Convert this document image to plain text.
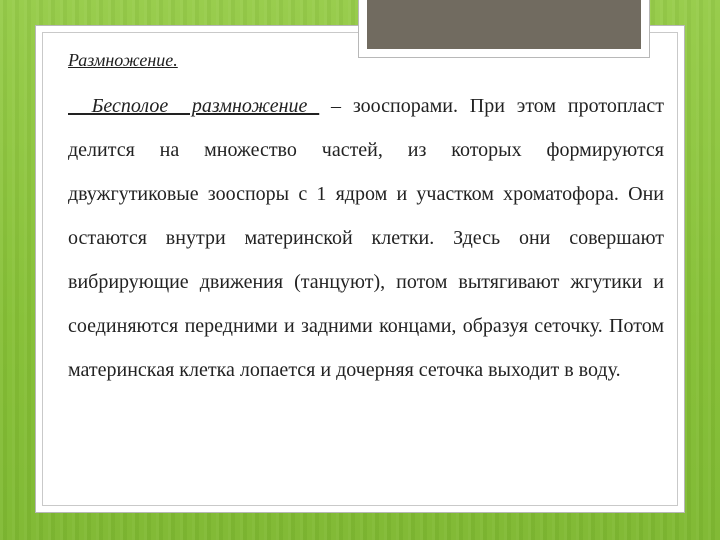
Размножение.

Бесполое  размножение  – зооспорами. При этом протопласт делится на множество частей, из которых формируются двужгутиковые зооспоры с 1 ядром и участком хроматофора. Они остаются внутри материнской клетки. Здесь они совершают вибрирующие движения (танцуют), потом вытягивают жгутики и соединяются передними и задними концами, образуя сеточку. Потом материнская клетка лопается и дочерняя сеточка выходит в воду.
